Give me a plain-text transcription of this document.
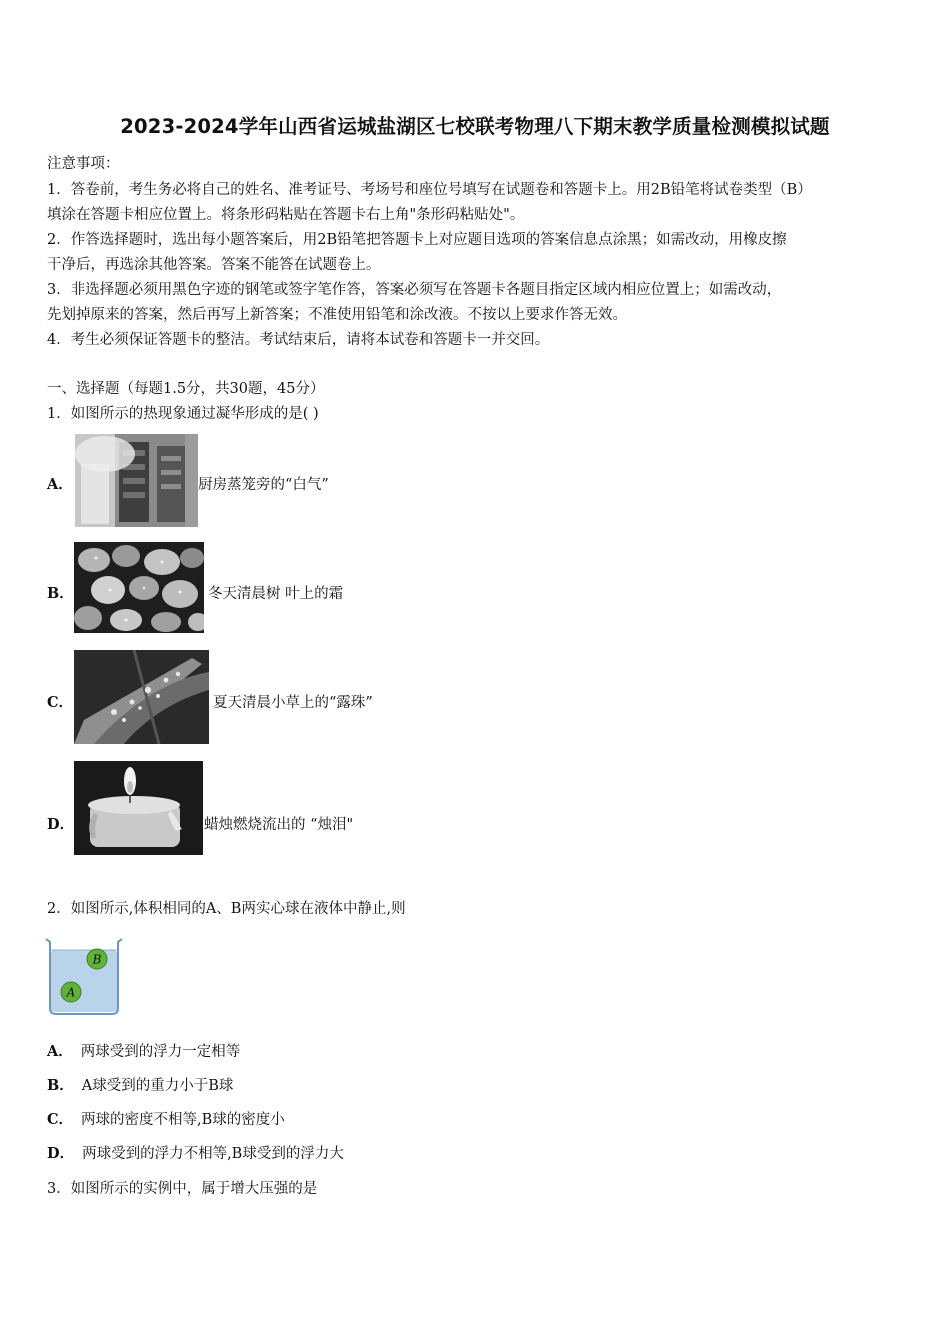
2023-2024学年山西省运城盐湖区七校联考物理八下期末教学质量检测模拟试题
注意事项：
1．答卷前，考生务必将自己的姓名、准考证号、考场号和座位号填写在试题卷和答题卡上。用2B铅笔将试卷类型（B）
填涂在答题卡相应位置上。将条形码粘贴在答题卡右上角"条形码粘贴处"。
2．作答选择题时，选出每小题答案后，用2B铅笔把答题卡上对应题目选项的答案信息点涂黑；如需改动，用橡皮擦
干净后，再选涂其他答案。答案不能答在试题卷上。
3．非选择题必须用黑色字迹的钢笔或签字笔作答，答案必须写在答题卡各题目指定区域内相应位置上；如需改动，
先划掉原来的答案，然后再写上新答案；不准使用铅笔和涂改液。不按以上要求作答无效。
4．考生必须保证答题卡的整洁。考试结束后，请将本试卷和答题卡一并交回。
一、选择题（每题1.5分，共30题，45分）
1．如图所示的热现象通过凝华形成的是( )
A．	厨房蒸笼旁的“白气”
B．	冬天清晨树 叶上的霜
C．	夏天清晨小草上的“露珠”
D．	蜡烛燃烧流出的 “烛泪"
2．如图所示,体积相同的A、B两实心球在液体中静止,则
B
A
A． 两球受到的浮力一定相等
B． A球受到的重力小于B球
C． 两球的密度不相等,B球的密度小
D． 两球受到的浮力不相等,B球受到的浮力大
3．如图所示的实例中，属于增大压强的是
